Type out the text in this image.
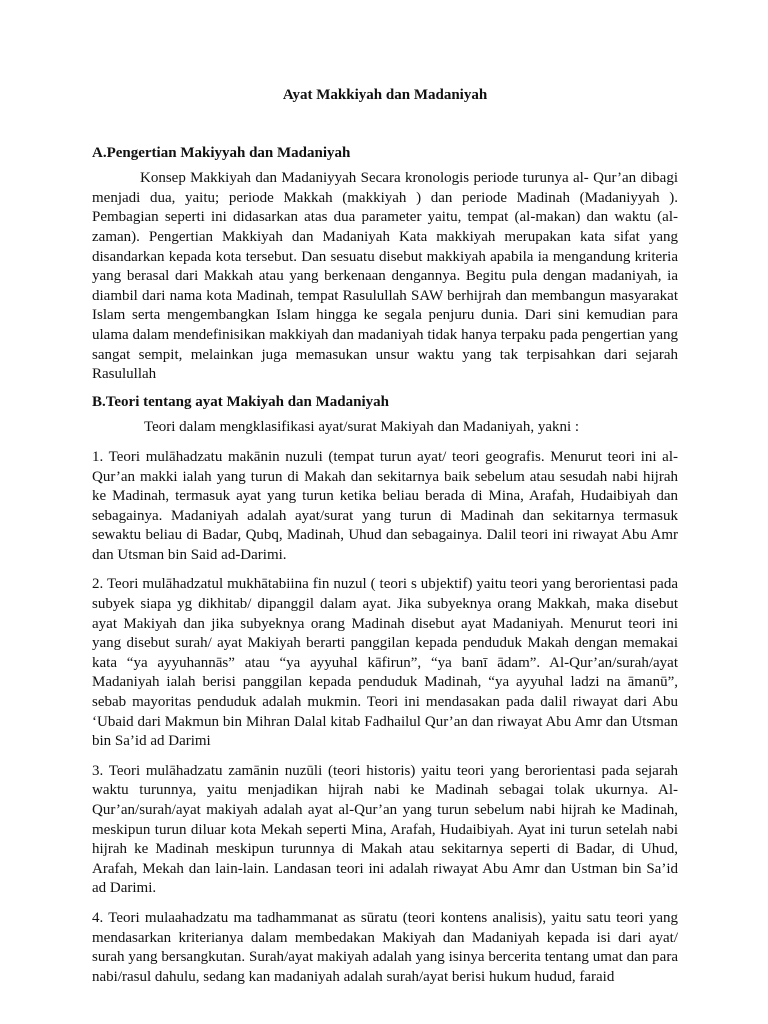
Ayat Makkiyah dan Madaniyah
A.Pengertian Makiyyah dan Madaniyah

Konsep Makkiyah dan Madaniyyah Secara kronologis periode turunya al- Qur’an dibagi menjadi dua, yaitu; periode Makkah (makkiyah ) dan periode Madinah (Madaniyyah ). Pembagian seperti ini didasarkan atas dua parameter yaitu, tempat (al-makan) dan waktu (al-zaman). Pengertian Makkiyah dan Madaniyah Kata makkiyah merupakan kata sifat yang disandarkan kepada kota tersebut. Dan sesuatu disebut makkiyah apabila ia mengandung kriteria yang berasal dari Makkah atau yang berkenaan dengannya. Begitu pula dengan madaniyah, ia diambil dari nama kota Madinah, tempat Rasulullah SAW berhijrah dan membangun masyarakat Islam serta mengembangkan Islam hingga ke segala penjuru dunia. Dari sini kemudian para ulama dalam mendefinisikan makkiyah dan madaniyah tidak hanya terpaku pada pengertian yang sangat sempit, melainkan juga memasukan unsur waktu yang tak terpisahkan dari sejarah Rasulullah

B.Teori tentang ayat Makiyah dan Madaniyah

Teori dalam mengklasifikasi ayat/surat Makiyah dan Madaniyah, yakni :

1. Teori mulāhadzatu makānin nuzuli (tempat turun ayat/ teori geografis. Menurut teori ini al-Qur’an makki ialah yang turun di Makah dan sekitarnya baik sebelum atau sesudah nabi hijrah ke Madinah, termasuk ayat yang turun ketika beliau berada di Mina, Arafah, Hudaibiyah dan sebagainya. Madaniyah adalah ayat/surat yang turun di Madinah dan sekitarnya termasuk sewaktu beliau di Badar, Qubq, Madinah, Uhud dan sebagainya. Dalil teori ini riwayat Abu Amr dan Utsman bin Said ad-Darimi.

2. Teori mulāhadzatul mukhātabiina fin nuzul ( teori s ubjektif) yaitu teori yang berorientasi pada subyek siapa yg dikhitab/ dipanggil dalam ayat. Jika subyeknya orang Makkah, maka disebut ayat Makiyah dan jika subyeknya orang Madinah disebut ayat Madaniyah. Menurut teori ini yang disebut surah/ ayat Makiyah berarti panggilan kepada penduduk Makah dengan memakai kata “ya ayyuhannās” atau “ya ayyuhal kāfirun”, “ya banī ādam”. Al-Qur’an/surah/ayat Madaniyah ialah berisi panggilan kepada penduduk Madinah, “ya ayyuhal ladzi na āmanū”, sebab mayoritas penduduk adalah mukmin. Teori ini mendasakan pada dalil riwayat dari Abu ‘Ubaid dari Makmun bin Mihran Dalal kitab Fadhailul Qur’an dan riwayat Abu Amr dan Utsman bin Sa’id ad Darimi

3. Teori mulāhadzatu zamānin nuzūli (teori historis) yaitu teori yang berorientasi pada sejarah waktu turunnya, yaitu menjadikan hijrah nabi ke Madinah sebagai tolak ukurnya. Al-Qur’an/surah/ayat makiyah adalah ayat al-Qur’an yang turun sebelum nabi hijrah ke Madinah, meskipun turun diluar kota Mekah seperti Mina, Arafah, Hudaibiyah. Ayat ini turun setelah nabi hijrah ke Madinah meskipun turunnya di Makah atau sekitarnya seperti di Badar, di Uhud, Arafah, Mekah dan lain-lain. Landasan teori ini adalah riwayat Abu Amr dan Ustman bin Sa’id ad Darimi.

4. Teori mulaahadzatu ma tadhammanat as sūratu (teori kontens analisis), yaitu satu teori yang mendasarkan kriterianya dalam membedakan Makiyah dan Madaniyah kepada isi dari ayat/ surah yang bersangkutan. Surah/ayat makiyah adalah yang isinya bercerita tentang umat dan para nabi/rasul dahulu, sedang kan madaniyah adalah surah/ayat berisi hukum hudud, faraid
